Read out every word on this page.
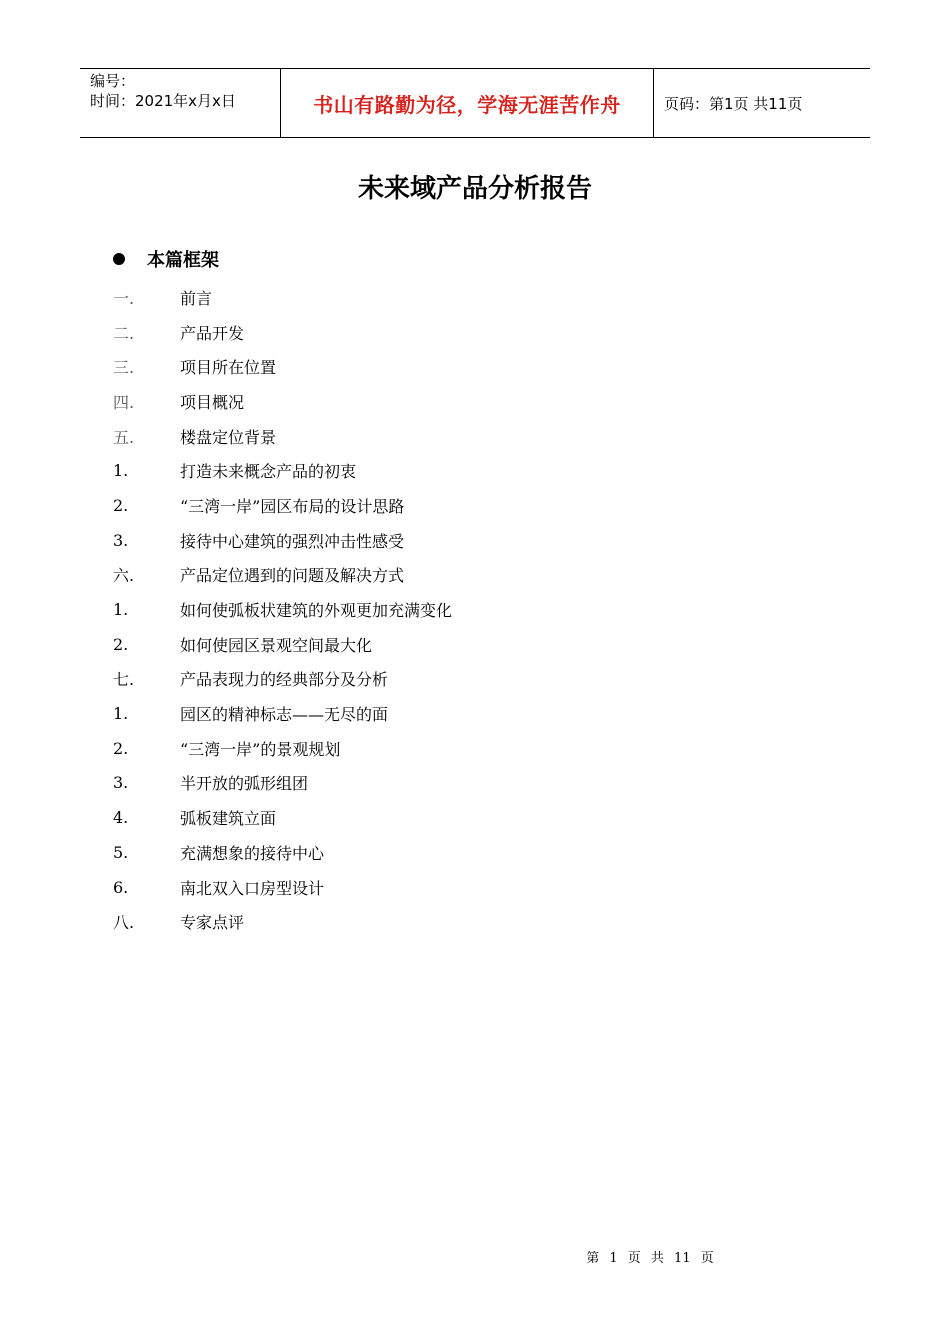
编号：
时间：2021年x月x日	书山有路勤为径，学海无涯苦作舟	页码：第1页 共11页
未来域产品分析报告
本篇框架
一.	前言
二.	产品开发
三.	项目所在位置
四.	项目概况
五.	楼盘定位背景
1.	打造未来概念产品的初衷
2.	“三湾一岸”园区布局的设计思路
3.	接待中心建筑的强烈冲击性感受
六.	产品定位遇到的问题及解决方式
1.	如何使弧板状建筑的外观更加充满变化
2.	如何使园区景观空间最大化
七.	产品表现力的经典部分及分析
1.	园区的精神标志——无尽的面
2.	“三湾一岸”的景观规划
3.	半开放的弧形组团
4.	弧板建筑立面
5.	充满想象的接待中心
6.	南北双入口房型设计
八.	专家点评
第 1 页 共 11 页
